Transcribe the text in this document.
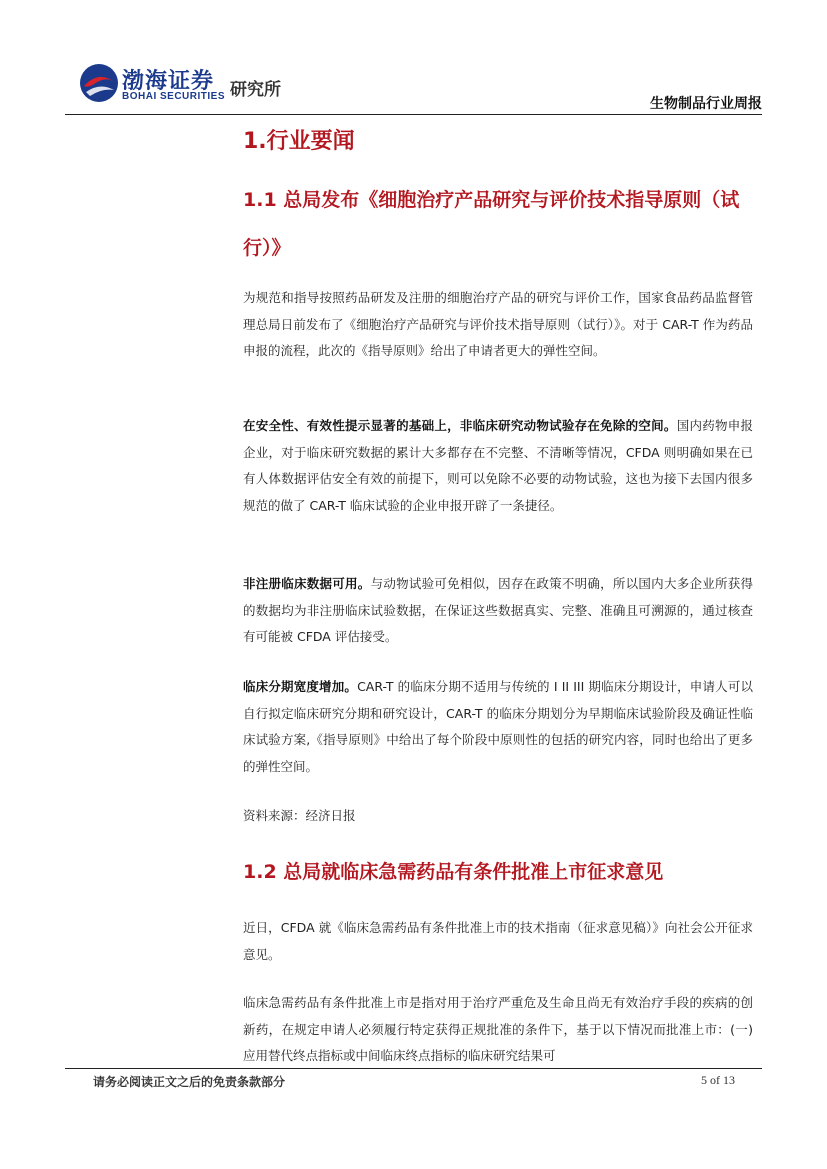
渤海证券
BOHAI SECURITIES 研究所
生物制品行业周报
1.行业要闻
1.1 总局发布《细胞治疗产品研究与评价技术指导原则（试行）》

为规范和指导按照药品研发及注册的细胞治疗产品的研究与评价工作，国家食品药品监督管理总局日前发布了《细胞治疗产品研究与评价技术指导原则（试行）》。对于 CAR-T 作为药品申报的流程，此次的《指导原则》给出了申请者更大的弹性空间。

在安全性、有效性提示显著的基础上，非临床研究动物试验存在免除的空间。国内药物申报企业，对于临床研究数据的累计大多都存在不完整、不清晰等情况，CFDA 则明确如果在已有人体数据评估安全有效的前提下，则可以免除不必要的动物试验，这也为接下去国内很多规范的做了 CAR-T 临床试验的企业申报开辟了一条捷径。

非注册临床数据可用。与动物试验可免相似，因存在政策不明确，所以国内大多企业所获得的数据均为非注册临床试验数据，在保证这些数据真实、完整、准确且可溯源的，通过核查有可能被 CFDA 评估接受。

临床分期宽度增加。CAR-T 的临床分期不适用与传统的 I II III 期临床分期设计，申请人可以自行拟定临床研究分期和研究设计，CAR-T 的临床分期划分为早期临床试验阶段及确证性临床试验方案,《指导原则》中给出了每个阶段中原则性的包括的研究内容，同时也给出了更多的弹性空间。

资料来源：经济日报

1.2 总局就临床急需药品有条件批准上市征求意见

近日，CFDA 就《临床急需药品有条件批准上市的技术指南（征求意见稿）》向社会公开征求意见。

临床急需药品有条件批准上市是指对用于治疗严重危及生命且尚无有效治疗手段的疾病的创新药，在规定申请人必须履行特定获得正规批准的条件下，基于以下情况而批准上市：(一) 应用替代终点指标或中间临床终点指标的临床研究结果可

请务必阅读正文之后的免责条款部分	5 of 13
